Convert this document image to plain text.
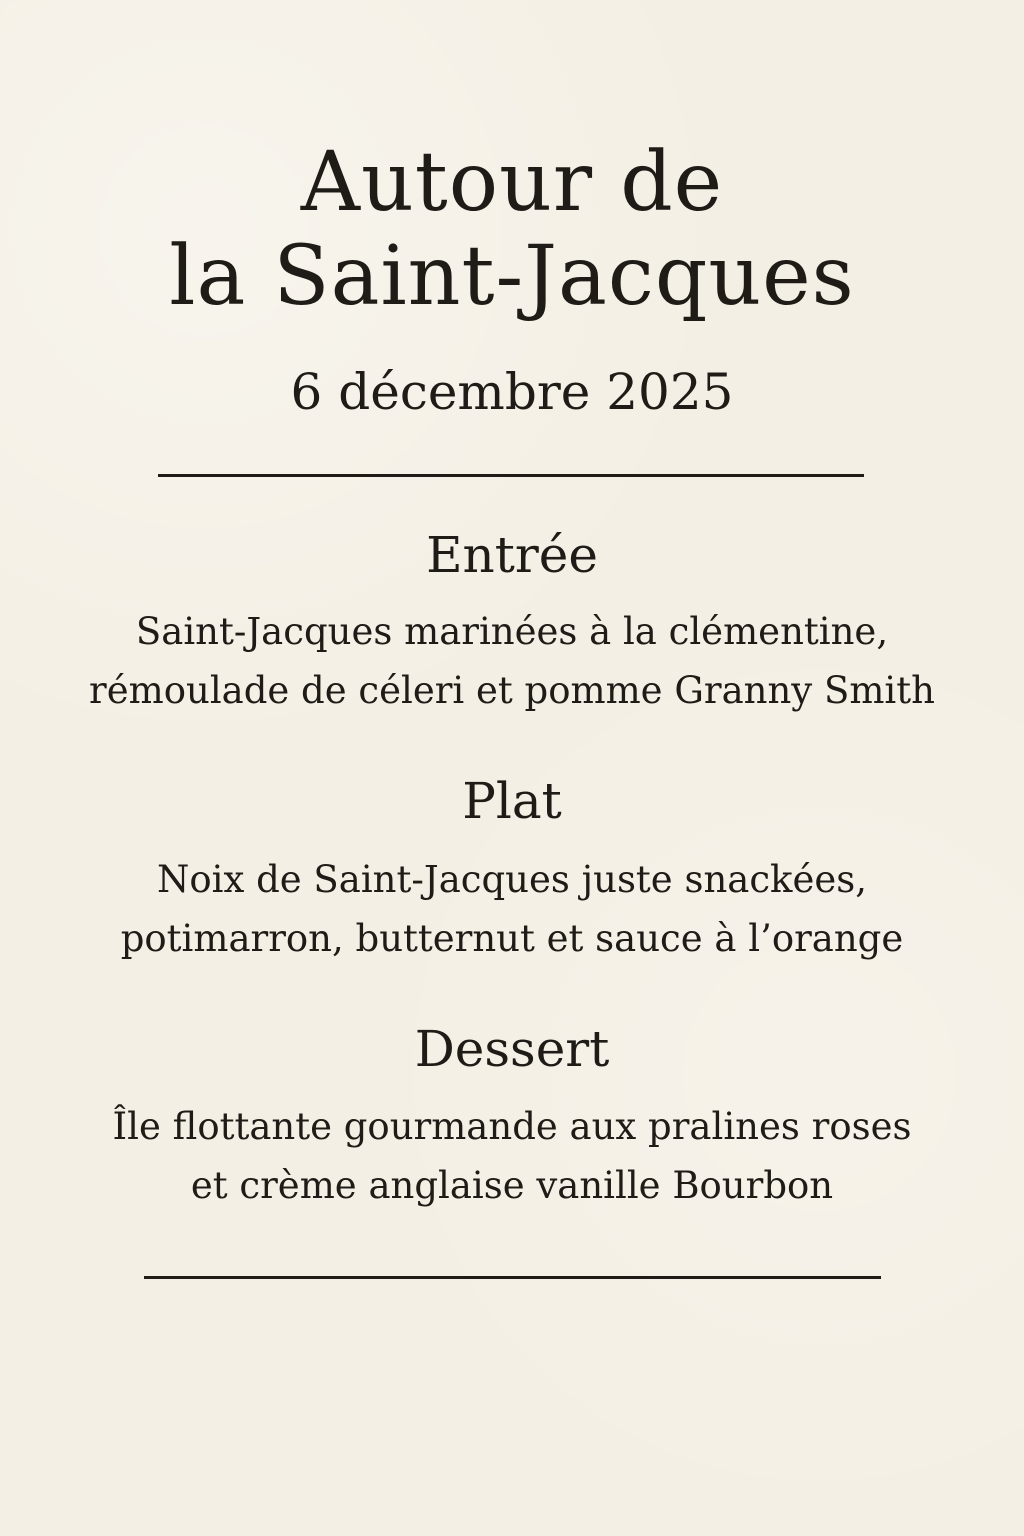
Autour de
la Saint-Jacques

6 décembre 2025

Entrée

Saint-Jacques marinées à la clémentine,
rémoulade de céleri et pomme Granny Smith

Plat

Noix de Saint-Jacques juste snackées,
potimarron, butternut et sauce à l’orange

Dessert

Île flottante gourmande aux pralines roses
et crème anglaise vanille Bourbon
